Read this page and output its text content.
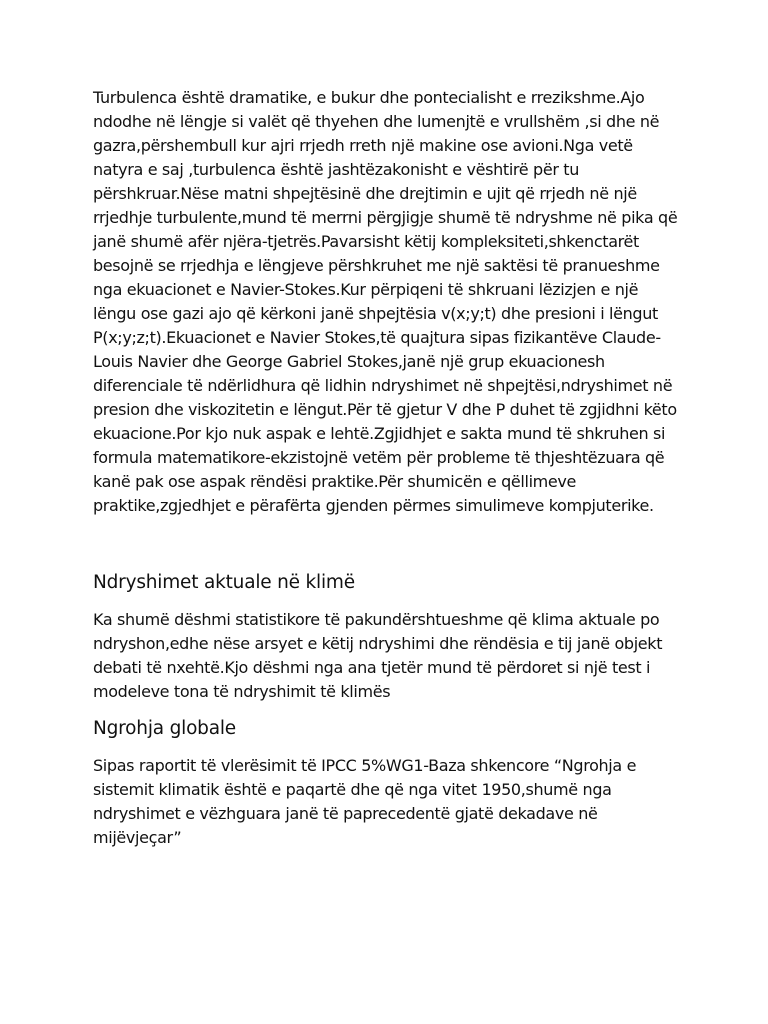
Turbulenca është dramatike, e bukur dhe pontecialisht e rrezikshme.Ajo ndodhe në lëngje si valët që thyehen dhe lumenjtë e vrullshëm ,si dhe në gazra,përshembull kur ajri rrjedh rreth një makine ose avioni.Nga vetë natyra e saj ,turbulenca është jashtëzakonisht e vështirë për tu përshkruar.Nëse matni shpejtësinë dhe drejtimin e ujit që rrjedh në një rrjedhje turbulente,mund të merrni përgjigje shumë të ndryshme në pika që janë shumë afër njëra-tjetrës.Pavarsisht këtij kompleksiteti,shkenctarët besojnë se rrjedhja e lëngjeve përshkruhet me një saktësi të pranueshme nga ekuacionet e Navier-Stokes.Kur përpiqeni të shkruani lëzizjen e një lëngu ose gazi ajo që kërkoni janë shpejtësia v(x;y;t) dhe presioni i lëngut P(x;y;z;t).Ekuacionet e Navier Stokes,të quajtura sipas fizikantëve Claude-Louis Navier dhe George Gabriel Stokes,janë një grup ekuacionesh diferenciale të ndërlidhura që lidhin ndryshimet në shpejtësi,ndryshimet në presion dhe viskozitetin e lëngut.Për të gjetur V dhe P duhet të zgjidhni këto ekuacione.Por kjo nuk aspak e lehtë.Zgjidhjet e sakta mund të shkruhen si formula matematikore-ekzistojnë vetëm për probleme të thjeshtëzuara që kanë pak ose aspak rëndësi praktike.Për shumicën e qëllimeve praktike,zgjedhjet e përafërta gjenden përmes simulimeve kompjuterike.

Ndryshimet aktuale në klimë

Ka shumë dëshmi statistikore të pakundërshtueshme që klima aktuale po ndryshon,edhe nëse arsyet e këtij ndryshimi dhe rëndësia e tij janë objekt debati të nxehtë.Kjo dëshmi nga ana tjetër mund të përdoret si një test i modeleve tona të ndryshimit të klimës

Ngrohja globale

Sipas raportit të vlerësimit të IPCC 5%WG1-Baza shkencore “Ngrohja e sistemit klimatik është e paqartë dhe që nga vitet 1950,shumë nga ndryshimet e vëzhguara janë të paprecedentë gjatë dekadave në mijëvjeçar”
